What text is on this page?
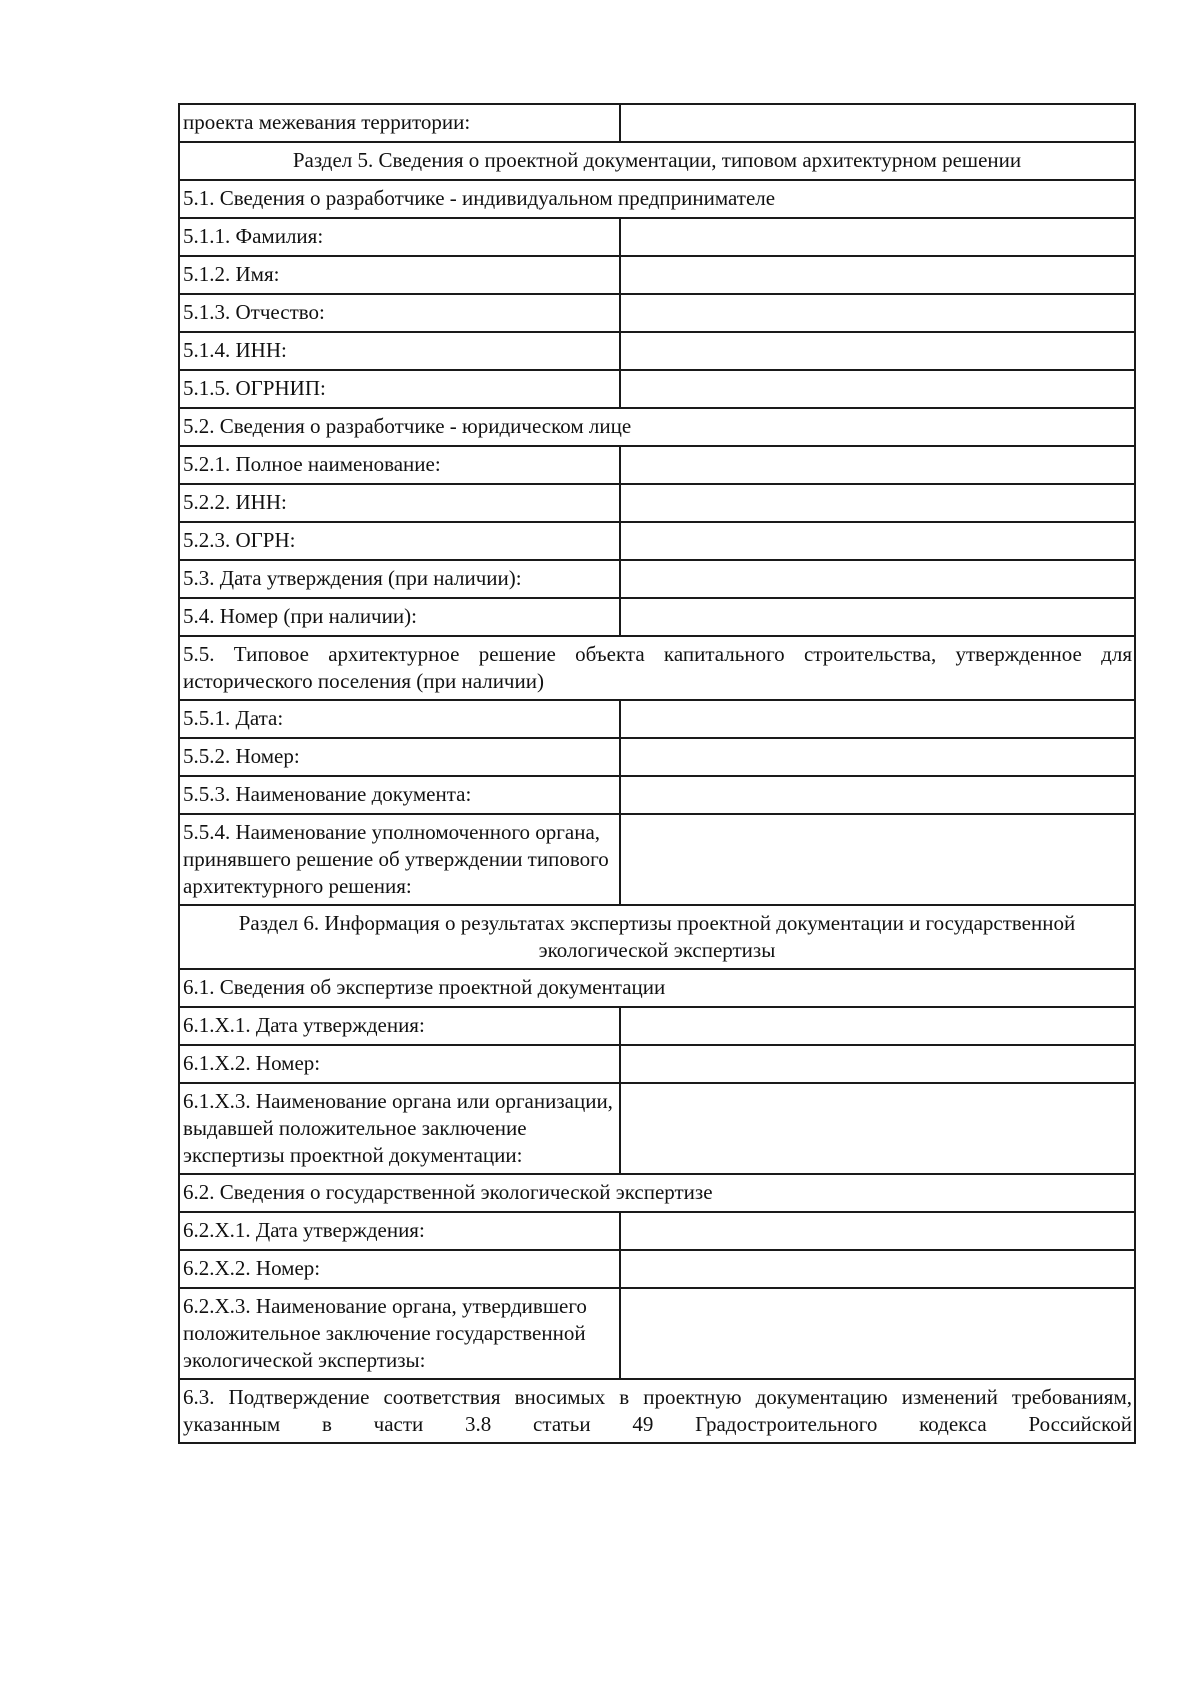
проекта межевания территории:	
Раздел 5. Сведения о проектной документации, типовом архитектурном решении	
5.1. Сведения о разработчике - индивидуальном предпринимателе	
5.1.1. Фамилия:	
5.1.2. Имя:	
5.1.3. Отчество:	
5.1.4. ИНН:	
5.1.5. ОГРНИП:	
5.2. Сведения о разработчике - юридическом лице	
5.2.1. Полное наименование:	
5.2.2. ИНН:	
5.2.3. ОГРН:	
5.3. Дата утверждения (при наличии):	
5.4. Номер (при наличии):	
5.5. Типовое архитектурное решение объекта капитального строительства, утвержденное для исторического поселения (при наличии)	
5.5.1. Дата:	
5.5.2. Номер:	
5.5.3. Наименование документа:	
5.5.4. Наименование уполномоченного органа, принявшего решение об утверждении типового архитектурного решения:	
Раздел 6. Информация о результатах экспертизы проектной документации и государственной экологической экспертизы	
6.1. Сведения об экспертизе проектной документации	
6.1.X.1. Дата утверждения:	
6.1.X.2. Номер:	
6.1.X.3. Наименование органа или организации, выдавшей положительное заключение экспертизы проектной документации:	
6.2. Сведения о государственной экологической экспертизе	
6.2.X.1. Дата утверждения:	
6.2.X.2. Номер:	
6.2.X.3. Наименование органа, утвердившего положительное заключение государственной экологической экспертизы:	
6.3. Подтверждение соответствия вносимых в проектную документацию изменений требованиям, указанным в части 3.8 статьи 49 Градостроительного кодекса Российской	
